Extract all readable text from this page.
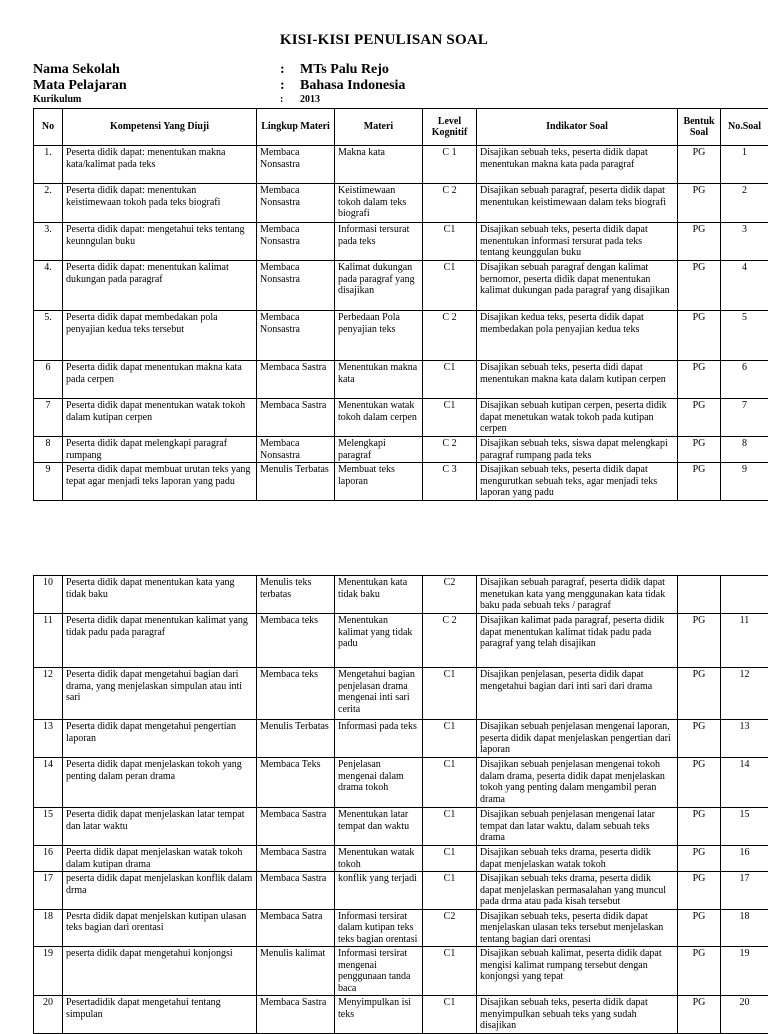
KISI-KISI PENULISAN SOAL
Nama Sekolah	: MTs Palu Rejo
Mata Pelajaran	: Bahasa Indonesia
Kurikulum	: 2013
No	Kompetensi Yang Diuji	Lingkup Materi	Materi	Level Kognitif	Indikator Soal	Bentuk Soal	No.Soal
1.	Peserta didik dapat: menentukan makna kata/kalimat pada teks	Membaca Nonsastra	Makna kata	C 1	Disajikan sebuah teks, peserta didik dapat menentukan makna kata pada paragraf	PG	1
2.	Peserta didik dapat: menentukan keistimewaan tokoh pada teks biografi	Membaca Nonsastra	Keistimewaan tokoh dalam teks biografi	C 2	Disajikan sebuah paragraf, peserta didik dapat menentukan keistimewaan dalam teks biografi	PG	2
3.	Peserta didik dapat: mengetahui teks tentang keunngulan buku	Membaca Nonsastra	Informasi tersurat pada teks	C1	Disajikan sebuah teks, peserta didik dapat menentukan informasi tersurat pada teks tentang keunggulan buku	PG	3
4.	Peserta didik dapat: menentukan kalimat dukungan pada paragraf	Membaca Nonsastra	Kalimat dukungan pada paragraf yang disajikan	C1	Disajikan sebuah paragraf dengan kalimat bernomor, peserta didik dapat menentukan kalimat dukungan pada paragraf yang disajikan	PG	4
5.	Peserta didik dapat membedakan pola penyajian kedua teks tersebut	Membaca Nonsastra	Perbedaan Pola penyajian teks	C 2	Disajikan kedua teks, peserta didik dapat membedakan pola penyajian kedua teks	PG	5
6	Peserta didik dapat menentukan makna kata pada cerpen	Membaca Sastra	Menentukan makna kata	C1	Disajikan sebuah teks, peserta didi dapat menentukan makna kata dalam kutipan cerpen	PG	6
7	Peserta didik dapat menentukan watak tokoh dalam kutipan cerpen	Membaca Sastra	Menentukan watak tokoh dalam cerpen	C1	Disajikan sebuah kutipan cerpen, peserta didik dapat menetukan watak tokoh pada kutipan cerpen	PG	7
8	Peserta didik dapat melengkapi paragraf rumpang	Membaca Nonsastra	Melengkapi paragraf	C 2	Disajikan sebuah teks, siswa dapat melengkapi paragraf rumpang pada teks	PG	8
9	Peserta didik dapat membuat urutan teks yang tepat agar menjadi teks laporan yang padu	Menulis Terbatas	Membuat teks laporan	C 3	Disajikan sebuah teks, peserta didik dapat mengurutkan sebuah teks, agar menjadi teks laporan yang padu	PG	9
10	Peserta didik dapat menentukan kata yang tidak baku	Menulis teks terbatas	Menentukan kata tidak baku	C2	Disajikan sebuah paragraf, peserta didik dapat menetukan kata yang menggunakan kata tidak baku pada sebuah teks / paragraf		
11	Peserta didik dapat menentukan kalimat yang tidak padu pada paragraf	Membaca teks	Menentukan kalimat yang tidak padu	C 2	Disajikan kalimat pada paragraf, peserta didik dapat menentukan kalimat tidak padu pada paragraf yang telah disajikan	PG	11
12	Peserta didik dapat mengetahui bagian dari drama, yang menjelaskan simpulan atau inti sari	Membaca teks	Mengetahui bagian penjelasan drama mengenai inti sari cerita	C1	Disajikan penjelasan, peserta didik dapat mengetahui bagian dari inti sari dari drama	PG	12
13	Peserta didik dapat mengetahui pengertian laporan	Menulis Terbatas	Informasi pada teks	C1	Disajikan sebuah penjelasan mengenai laporan, peserta didik dapat menjelaskan pengertian dari laporan	PG	13
14	Peserta didik dapat menjelaskan tokoh yang penting dalam peran drama	Membaca Teks	Penjelasan mengenai dalam drama tokoh	C1	Disajikan sebuah penjelasan mengenai tokoh dalam drama, peserta didik dapat menjelaskan tokoh yang penting dalam mengambil peran drama	PG	14
15	Peserta didik dapat menjelaskan latar tempat dan latar waktu	Membaca Sastra	Menentukan latar tempat dan waktu	C1	Disajikan sebuah penjelasan mengenai latar tempat dan latar waktu, dalam sebuah teks drama	PG	15
16	Peerta didik dapat menjelaskan watak tokoh dalam kutipan drama	Membaca Sastra	Menentukan watak tokoh	C1	Disajikan sebuah teks drama, peserta didik dapat menjelaskan watak tokoh	PG	16
17	peserta didik dapat menjelaskan konflik dalam drma	Membaca Sastra	konflik yang terjadi	C1	Disajikan sebuah teks drama, peserta didik dapat menjelaskan permasalahan yang muncul pada drma atau pada kisah tersebut	PG	17
18	Pesrta didik dapat menjelskan kutipan ulasan teks bagian dari orentasi	Membaca Satra	Informasi tersirat dalam kutipan teks teks bagian orentasi	C2	Disajikan sebuah teks, peserta didik dapat menjelaskan ulasan teks tersebut menjelaskan tentang bagian dari orentasi	PG	18
19	peserta didik dapat mengetahui konjongsi	Menulis kalimat	Informasi tersirat mengenai penggunaan tanda baca	C1	Disajikan sebuah kalimat, peserta didik dapat mengisi kalimat rumpang tersebut dengan konjongsi yang tepat	PG	19
20	Pesertadidik dapat mengetahui tentang simpulan	Membaca Sastra	Menyimpulkan isi teks	C1	Disajikan sebuah teks, peserta didik dapat menyimpulkan sebuah teks yang sudah disajikan	PG	20
